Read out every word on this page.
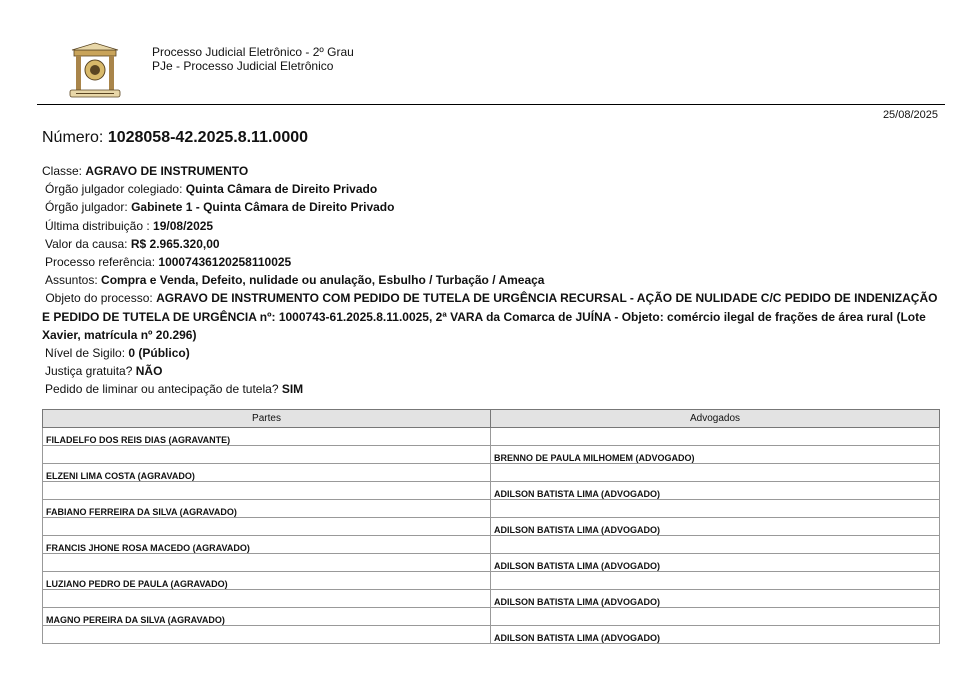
Processo Judicial Eletrônico - 2º Grau
PJe - Processo Judicial Eletrônico
25/08/2025
Número: 1028058-42.2025.8.11.0000
Classe: AGRAVO DE INSTRUMENTO
Órgão julgador colegiado: Quinta Câmara de Direito Privado
Órgão julgador: Gabinete 1 - Quinta Câmara de Direito Privado
Última distribuição : 19/08/2025
Valor da causa: R$ 2.965.320,00
Processo referência: 10007436120258110025
Assuntos: Compra e Venda, Defeito, nulidade ou anulação, Esbulho / Turbação / Ameaça
Objeto do processo: AGRAVO DE INSTRUMENTO COM PEDIDO DE TUTELA DE URGÊNCIA RECURSAL - AÇÃO DE NULIDADE C/C PEDIDO DE INDENIZAÇÃO E PEDIDO DE TUTELA DE URGÊNCIA nº: 1000743-61.2025.8.11.0025, 2ª VARA da Comarca de JUÍNA - Objeto: comércio ilegal de frações de área rural (Lote Xavier, matrícula nº 20.296)
Nível de Sigilo: 0 (Público)
Justiça gratuita? NÃO
Pedido de liminar ou antecipação de tutela? SIM
Partes	Advogados
FILADELFO DOS REIS DIAS (AGRAVANTE)	
	BRENNO DE PAULA MILHOMEM (ADVOGADO)
ELZENI LIMA COSTA (AGRAVADO)	
	ADILSON BATISTA LIMA (ADVOGADO)
FABIANO FERREIRA DA SILVA (AGRAVADO)	
	ADILSON BATISTA LIMA (ADVOGADO)
FRANCIS JHONE ROSA MACEDO (AGRAVADO)	
	ADILSON BATISTA LIMA (ADVOGADO)
LUZIANO PEDRO DE PAULA (AGRAVADO)	
	ADILSON BATISTA LIMA (ADVOGADO)
MAGNO PEREIRA DA SILVA (AGRAVADO)	
	ADILSON BATISTA LIMA (ADVOGADO)
